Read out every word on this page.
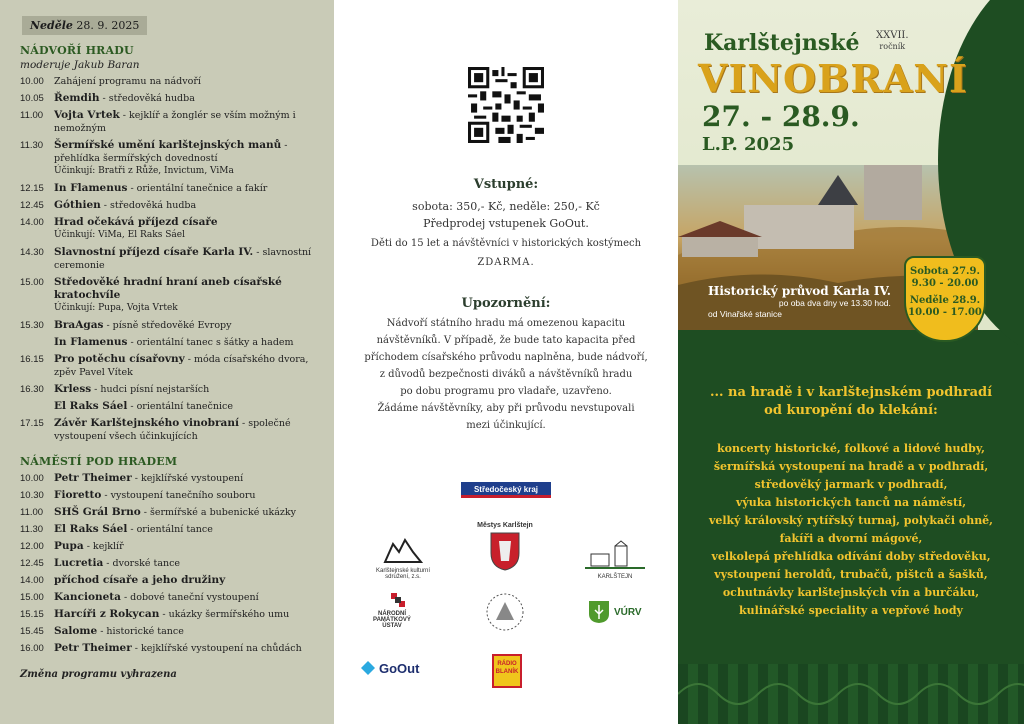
Neděle 28. 9. 2025
NÁDVOŘÍ HRADU
moderuje Jakub Baran
10.00	Zahájení programu na nádvoří
10.05 Řemdih - středověká hudba
11.00	Vojta Vrtek - kejklíř a žonglér se vším možným i nemožným
11.30	Šermířské umění karlštejnských manů - přehlídka šermířských dovedností
Účinkují: Bratři z Růže, Invictum, ViMa
12.15 In Flamenus - orientální tanečnice a fakír
12.45 Góthien - středověká hudba
14.00 Hrad očekává příjezd císaře
Účinkují: ViMa, El Raks Sáel
14.30 Slavnostní příjezd císaře Karla IV. - slavnostní ceremonie
15.00 Středověké hradní hraní aneb císařské kratochvíle
Účinkují: Pupa, Vojta Vrtek
15.30 BraAgas - písně středověké Evropy
In Flamenus - orientální tanec s šátky a hadem
16.15 Pro potěchu císařovny - móda císařského dvora, zpěv Pavel Vítek
16.30 Krless - hudci písní nejstarších
El Raks Sáel - orientální tanečnice
17.15 Závěr Karlštejnského vinobraní - společné vystoupení všech účinkujících
NÁMĚSTÍ POD HRADEM
10.00 Petr Theimer - kejklířské vystoupení
10.30 Fioretto - vystoupení tanečního souboru
11.00	SHŠ Grál Brno - šermířské a bubenické ukázky
11.30	El Raks Sáel - orientální tance
12.00 Pupa - kejklíř
12.45 Lucretia - dvorské tance
14.00 příchod císaře a jeho družiny
15.00 Kancioneta - dobové taneční vystoupení
15.15 Harcíři z Rokycan - ukázky šermířského umu
15.45 Salome - historické tance
16.00 Petr Theimer - kejklířské vystoupení na chůdách
Změna programu vyhrazena
Vstupné:
sobota: 350,- Kč, neděle: 250,- Kč
Předprodej vstupenek GoOut.
Děti do 15 let a návštěvníci v historických kostýmech
ZDARMA.
Upozornění:
Nádvoří státního hradu má omezenou kapacitu
návštěvníků. V případě, že bude tato kapacita před
příchodem císařského průvodu naplněna, bude nádvoří,
z důvodů bezpečnosti diváků a návštěvníků hradu
po dobu programu pro vladaře, uzavřeno.
Žádáme návštěvníky, aby při průvodu nevstupovali
mezi účinkující.
Středočeský kraj
Karlštejnské kulturní sdružení, z.s.
Městys Karlštejn
KARLŠTEJN
NÁRODNÍ PAMÁTKOVÝ ÚSTAV
VÚRV
GoOut	RÁDIO BLANÍK
Karlštejnské XXVII.
ročník
VINOBRANÍ
27. - 28.9.
L.P. 2025
Historický průvod Karla IV.
po oba dva dny ve 13.30 hod.
od Vinařské stanice
Sobota 27.9.
9.30 - 20.00
Neděle 28.9.
10.00 - 17.00
... na hradě i v karlštejnském podhradí
od kuropění do klekání:
koncerty historické, folkové a lidové hudby,
šermířská vystoupení na hradě a v podhradí,
středověký jarmark v podhradí,
výuka historických tanců na náměstí,
velký královský rytířský turnaj, polykači ohně,
fakíři a dvorní mágové,
velkolepá přehlídka odívání doby středověku,
vystoupení heroldů, trubačů, pištců a šašků,
ochutnávky karlštejnských vín a burčáku,
kulinářské speciality a vepřové hody
